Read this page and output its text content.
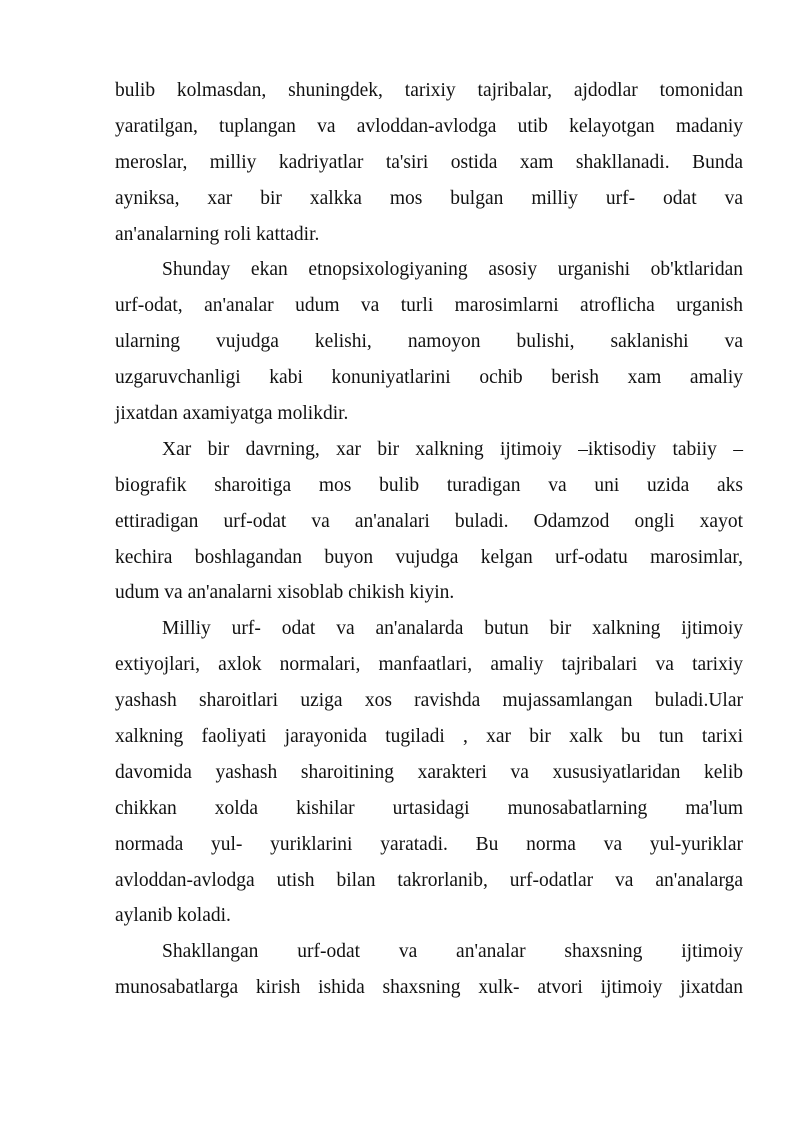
bulib kolmasdan, shuningdek, tarixiy tajribalar, ajdodlar tomonidan
yaratilgan, tuplangan va avloddan-avlodga utib kelayotgan madaniy
meroslar, milliy kadriyatlar ta'siri ostida xam shakllanadi. Bunda
ayniksa, xar bir xalkka mos bulgan milliy urf- odat va
an'analarning roli kattadir.
Shunday ekan etnopsixologiyaning asosiy urganishi ob'ktlaridan
urf-odat, an'analar udum va turli marosimlarni atroflicha urganish
ularning vujudga kelishi, namoyon bulishi, saklanishi va
uzgaruvchanligi kabi konuniyatlarini ochib berish xam amaliy
jixatdan axamiyatga molikdir.
Xar bir davrning, xar bir xalkning ijtimoiy –iktisodiy tabiiy –
biografik sharoitiga mos bulib turadigan va uni uzida aks
ettiradigan urf-odat va an'analari buladi. Odamzod ongli xayot
kechira boshlagandan buyon vujudga kelgan urf-odatu marosimlar,
udum va an'analarni xisoblab chikish kiyin.
Milliy urf- odat va an'analarda butun bir xalkning ijtimoiy
extiyojlari, axlok normalari, manfaatlari, amaliy tajribalari va tarixiy
yashash sharoitlari uziga xos ravishda mujassamlangan buladi.Ular
xalkning faoliyati jarayonida tugiladi , xar bir xalk bu tun tarixi
davomida yashash sharoitining xarakteri va xususiyatlaridan kelib
chikkan xolda kishilar urtasidagi munosabatlarning ma'lum
normada yul- yuriklarini yaratadi. Bu norma va yul-yuriklar
avloddan-avlodga utish bilan takrorlanib, urf-odatlar va an'analarga
aylanib koladi.
Shakllangan urf-odat va an'analar shaxsning ijtimoiy
munosabatlarga kirish ishida shaxsning xulk- atvori ijtimoiy jixatdan
